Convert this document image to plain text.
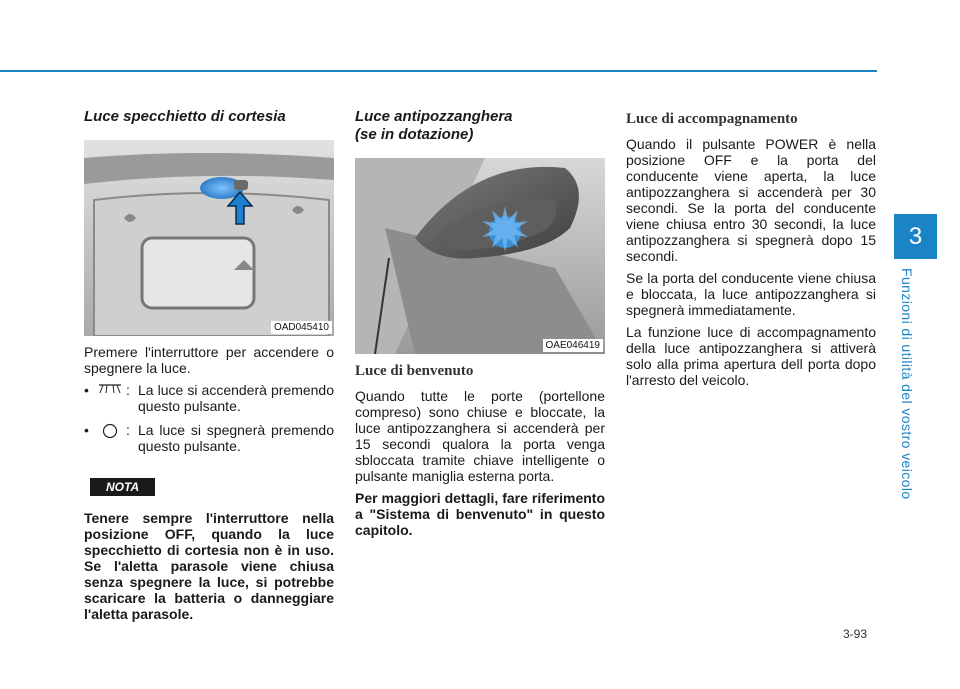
3
Funzioni di utilità del vostro veicolo
Luce specchietto di cortesia
OAD045410

Premere l'interruttore per accendere o spegnere la luce.

•	: La luce si accenderà premendo questo pulsante.
•	: La luce si spegnerà premendo questo pulsante.
NOTA
Tenere sempre l'interruttore nella posizione OFF, quando la luce specchietto di cortesia non è in uso. Se l'aletta parasole viene chiusa senza spegnere la luce, si potrebbe scaricare la batteria o danneggiare l'aletta parasole.
Luce antipozzanghera
(se in dotazione)
OAE046419
Luce di benvenuto

Quando tutte le porte (portellone compreso) sono chiuse e bloccate, la luce antipozzanghera si accenderà per 15 secondi qualora la porta venga sbloccata tramite chiave intelligente o pulsante maniglia esterna porta.

Per maggiori dettagli, fare riferimento a "Sistema di benvenuto" in questo capitolo.
Luce di accompagnamento

Quando il pulsante POWER è nella posizione OFF e la porta del conducente viene aperta, la luce antipozzanghera si accenderà per 30 secondi. Se la porta del conducente viene chiusa entro 30 secondi, la luce antipozzanghera si spegnerà dopo 15 secondi.

Se la porta del conducente viene chiusa e bloccata, la luce antipozzanghera si spegnerà immediatamente.

La funzione luce di accompagnamento della luce antipozzanghera si attiverà solo alla prima apertura dell porta dopo l'arresto del veicolo.

3-93
